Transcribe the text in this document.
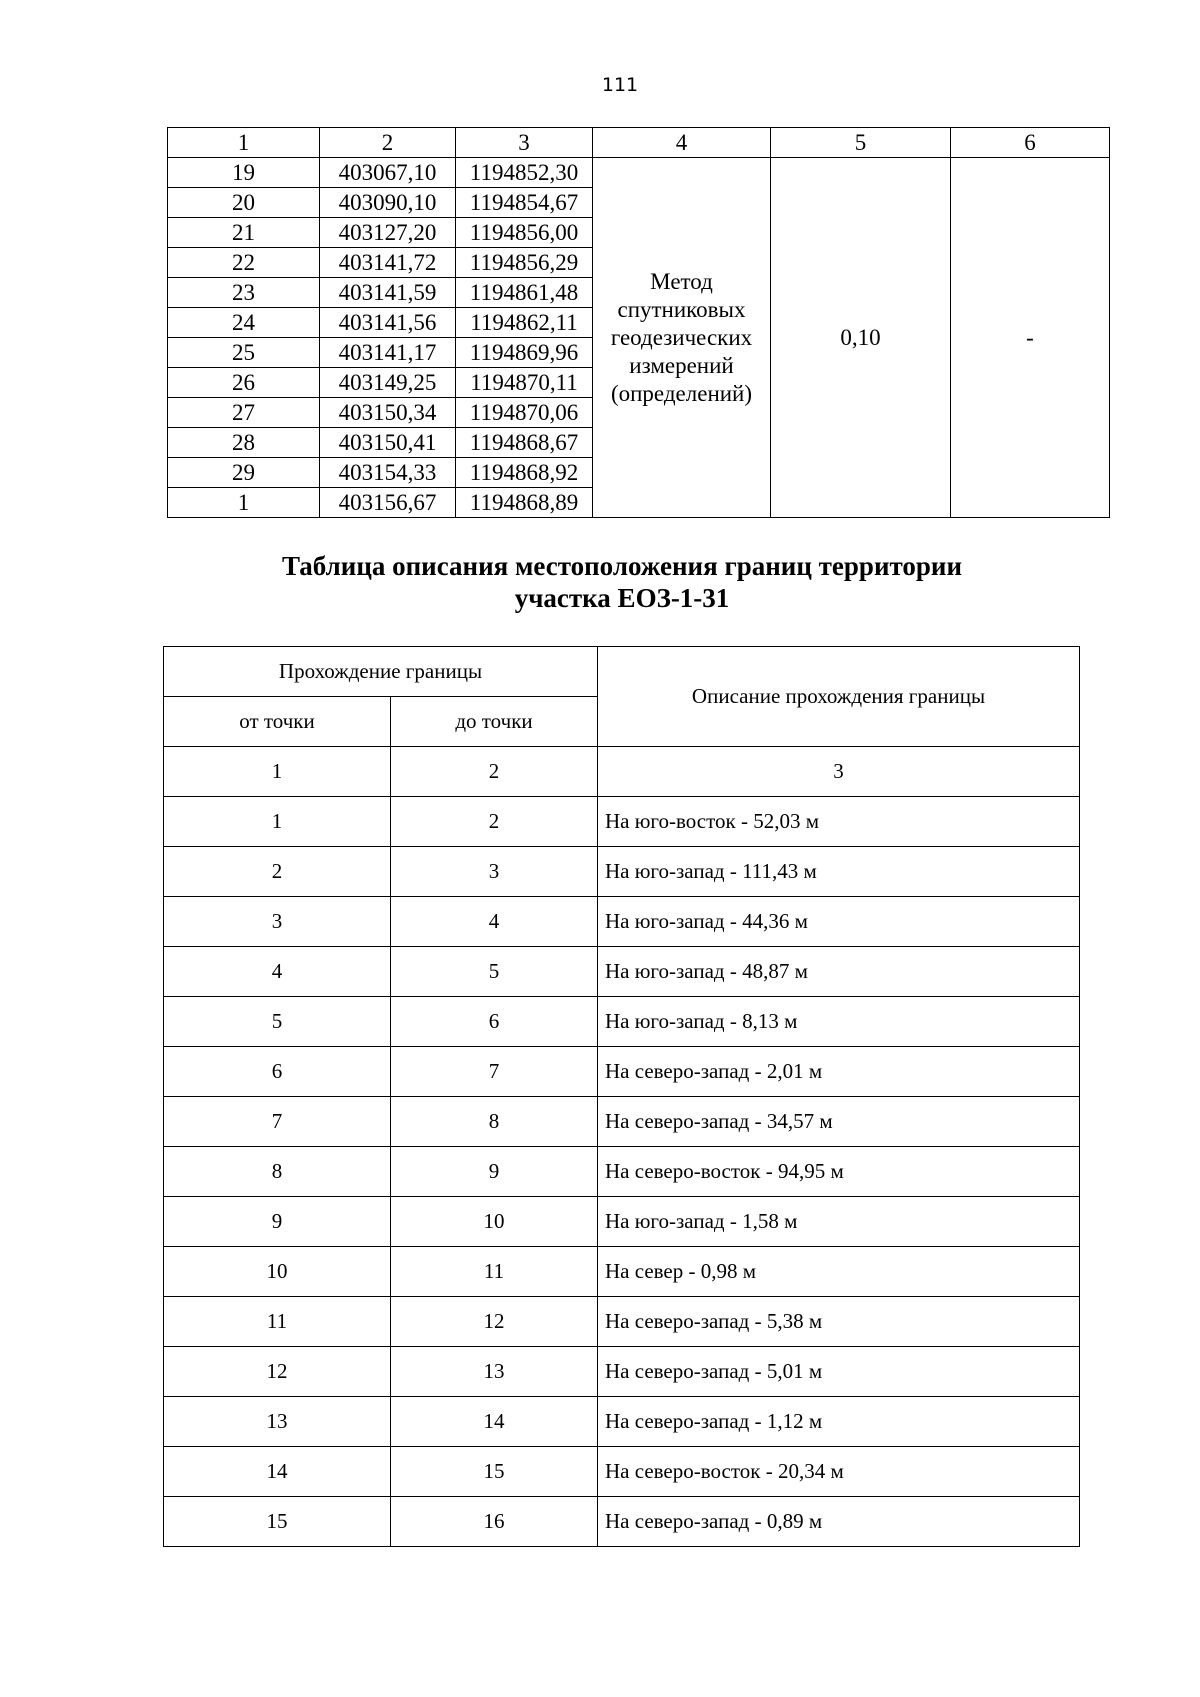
111
1	2	3	4	5	6
19	403067,10	1194852,30	Метод
спутниковых
геодезических
измерений
(определений)	0,10	-
20	403090,10	1194854,67			
21	403127,20	1194856,00			
22	403141,72	1194856,29			
23	403141,59	1194861,48			
24	403141,56	1194862,11			
25	403141,17	1194869,96			
26	403149,25	1194870,11			
27	403150,34	1194870,06			
28	403150,41	1194868,67			
29	403154,33	1194868,92			
1	403156,67	1194868,89			
Таблица описания местоположения границ территории
участка ЕОЗ-1-31
Прохождение границы		Описание прохождения границы
от точки	до точки	
1	2	3
1	2	На юго-восток - 52,03 м
2	3	На юго-запад - 111,43 м
3	4	На юго-запад - 44,36 м
4	5	На юго-запад - 48,87 м
5	6	На юго-запад - 8,13 м
6	7	На северо-запад - 2,01 м
7	8	На северо-запад - 34,57 м
8	9	На северо-восток - 94,95 м
9	10	На юго-запад - 1,58 м
10	11	На север - 0,98 м
11	12	На северо-запад - 5,38 м
12	13	На северо-запад - 5,01 м
13	14	На северо-запад - 1,12 м
14	15	На северо-восток - 20,34 м
15	16	На северо-запад - 0,89 м
